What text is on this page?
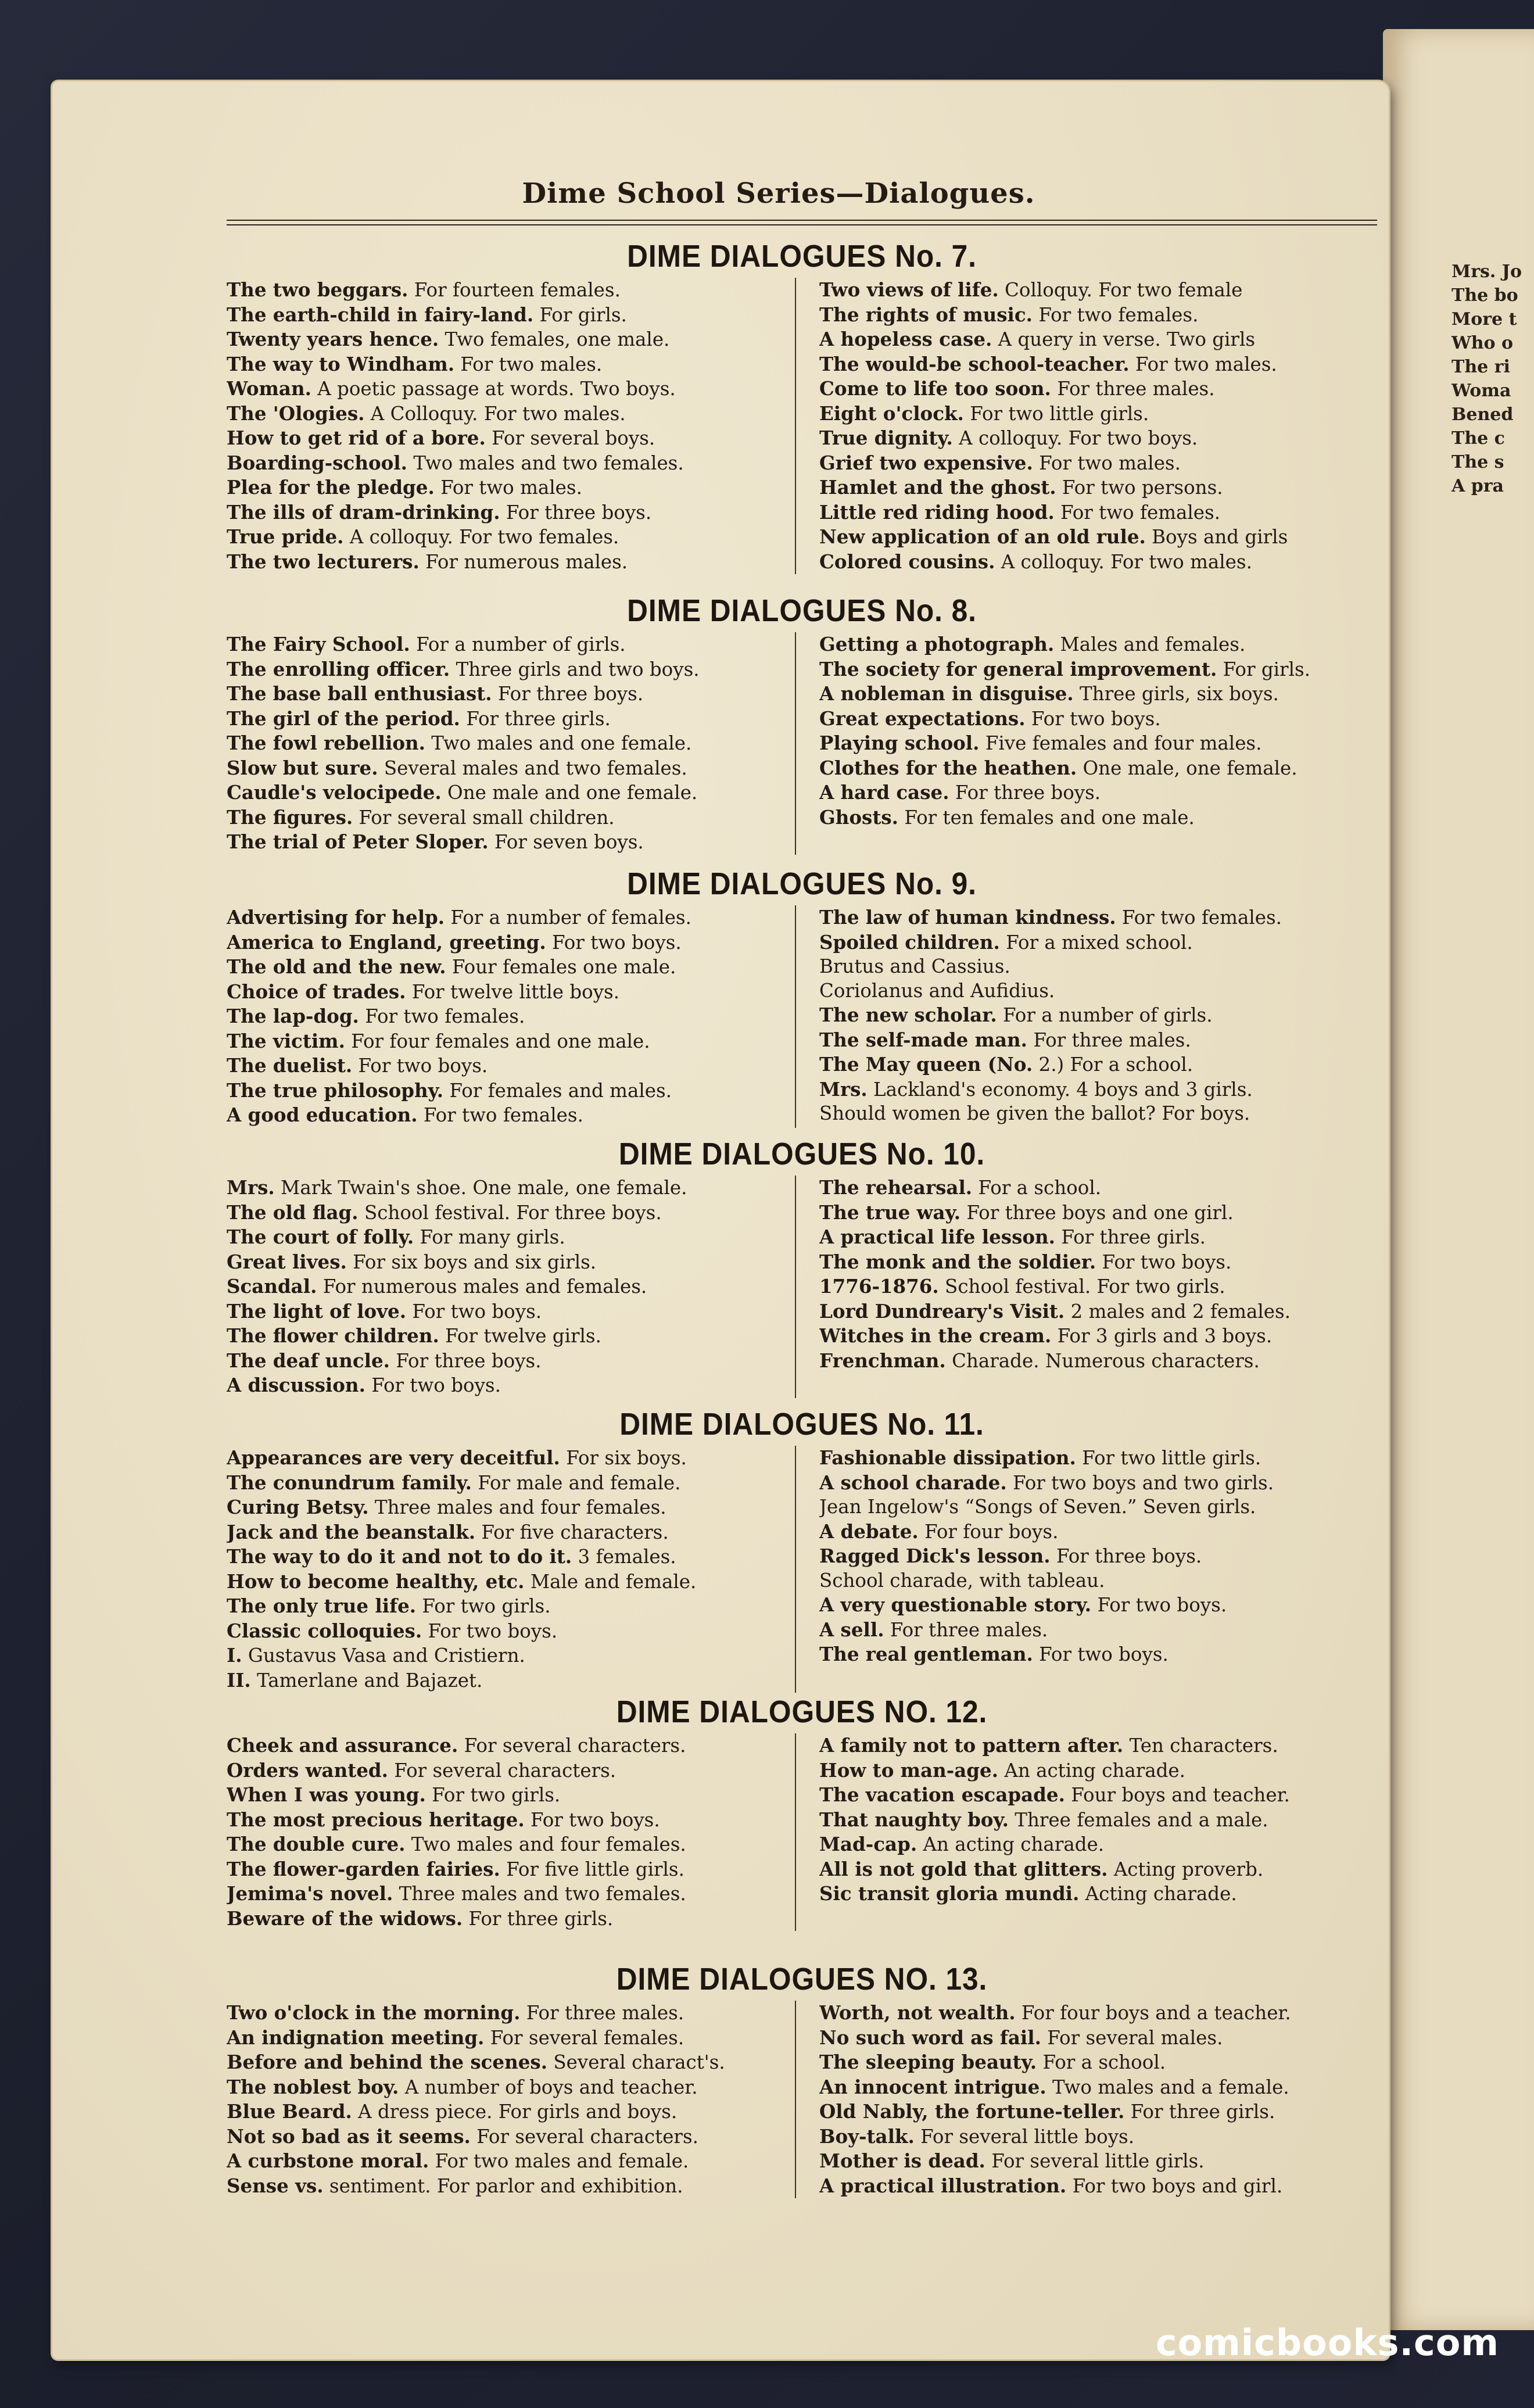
Mrs. Jo
The bo
More t
Who o
The ri
Woma
Bened
The c
The s
A pra
Dime School Series—Dialogues.
DIME DIALOGUES No. 7.
The two beggars. For fourteen females.
The earth-child in fairy-land. For girls.
Twenty years hence. Two females, one male.
The way to Windham. For two males.
Woman. A poetic passage at words. Two boys.
The 'Ologies. A Colloquy. For two males.
How to get rid of a bore. For several boys.
Boarding-school. Two males and two females.
Plea for the pledge. For two males.
The ills of dram-drinking. For three boys.
True pride. A colloquy. For two females.
The two lecturers. For numerous males.
Two views of life. Colloquy. For two female
The rights of music. For two females.
A hopeless case. A query in verse. Two girls
The would-be school-teacher. For two males.
Come to life too soon. For three males.
Eight o'clock. For two little girls.
True dignity. A colloquy. For two boys.
Grief two expensive. For two males.
Hamlet and the ghost. For two persons.
Little red riding hood. For two females.
New application of an old rule. Boys and girls
Colored cousins. A colloquy. For two males.
DIME DIALOGUES No. 8.
The Fairy School. For a number of girls.
The enrolling officer. Three girls and two boys.
The base ball enthusiast. For three boys.
The girl of the period. For three girls.
The fowl rebellion. Two males and one female.
Slow but sure. Several males and two females.
Caudle's velocipede. One male and one female.
The figures. For several small children.
The trial of Peter Sloper. For seven boys.
Getting a photograph. Males and females.
The society for general improvement. For girls.
A nobleman in disguise. Three girls, six boys.
Great expectations. For two boys.
Playing school. Five females and four males.
Clothes for the heathen. One male, one female.
A hard case. For three boys.
Ghosts. For ten females and one male.
DIME DIALOGUES No. 9.
Advertising for help. For a number of females.
America to England, greeting. For two boys.
The old and the new. Four females one male.
Choice of trades. For twelve little boys.
The lap-dog. For two females.
The victim. For four females and one male.
The duelist. For two boys.
The true philosophy. For females and males.
A good education. For two females.
The law of human kindness. For two females.
Spoiled children. For a mixed school.
Brutus and Cassius.
Coriolanus and Aufidius.
The new scholar. For a number of girls.
The self-made man. For three males.
The May queen (No. 2.) For a school.
Mrs. Lackland's economy. 4 boys and 3 girls.
Should women be given the ballot? For boys.
DIME DIALOGUES No. 10.
Mrs. Mark Twain's shoe. One male, one female.
The old flag. School festival. For three boys.
The court of folly. For many girls.
Great lives. For six boys and six girls.
Scandal. For numerous males and females.
The light of love. For two boys.
The flower children. For twelve girls.
The deaf uncle. For three boys.
A discussion. For two boys.
The rehearsal. For a school.
The true way. For three boys and one girl.
A practical life lesson. For three girls.
The monk and the soldier. For two boys.
1776-1876. School festival. For two girls.
Lord Dundreary's Visit. 2 males and 2 females.
Witches in the cream. For 3 girls and 3 boys.
Frenchman. Charade. Numerous characters.
DIME DIALOGUES No. 11.
Appearances are very deceitful. For six boys.
The conundrum family. For male and female.
Curing Betsy. Three males and four females.
Jack and the beanstalk. For five characters.
The way to do it and not to do it. 3 females.
How to become healthy, etc. Male and female.
The only true life. For two girls.
Classic colloquies. For two boys.
I. Gustavus Vasa and Cristiern.
II. Tamerlane and Bajazet.
Fashionable dissipation. For two little girls.
A school charade. For two boys and two girls.
Jean Ingelow's “Songs of Seven.” Seven girls.
A debate. For four boys.
Ragged Dick's lesson. For three boys.
School charade, with tableau.
A very questionable story. For two boys.
A sell. For three males.
The real gentleman. For two boys.
DIME DIALOGUES NO. 12.
Cheek and assurance. For several characters.
Orders wanted. For several characters.
When I was young. For two girls.
The most precious heritage. For two boys.
The double cure. Two males and four females.
The flower-garden fairies. For five little girls.
Jemima's novel. Three males and two females.
Beware of the widows. For three girls.
A family not to pattern after. Ten characters.
How to man-age. An acting charade.
The vacation escapade. Four boys and teacher.
That naughty boy. Three females and a male.
Mad-cap. An acting charade.
All is not gold that glitters. Acting proverb.
Sic transit gloria mundi. Acting charade.
DIME DIALOGUES NO. 13.
Two o'clock in the morning. For three males.
An indignation meeting. For several females.
Before and behind the scenes. Several charact's.
The noblest boy. A number of boys and teacher.
Blue Beard. A dress piece. For girls and boys.
Not so bad as it seems. For several characters.
A curbstone moral. For two males and female.
Sense vs. sentiment. For parlor and exhibition.
Worth, not wealth. For four boys and a teacher.
No such word as fail. For several males.
The sleeping beauty. For a school.
An innocent intrigue. Two males and a female.
Old Nably, the fortune-teller. For three girls.
Boy-talk. For several little boys.
Mother is dead. For several little girls.
A practical illustration. For two boys and girl.
comicbooks.com
